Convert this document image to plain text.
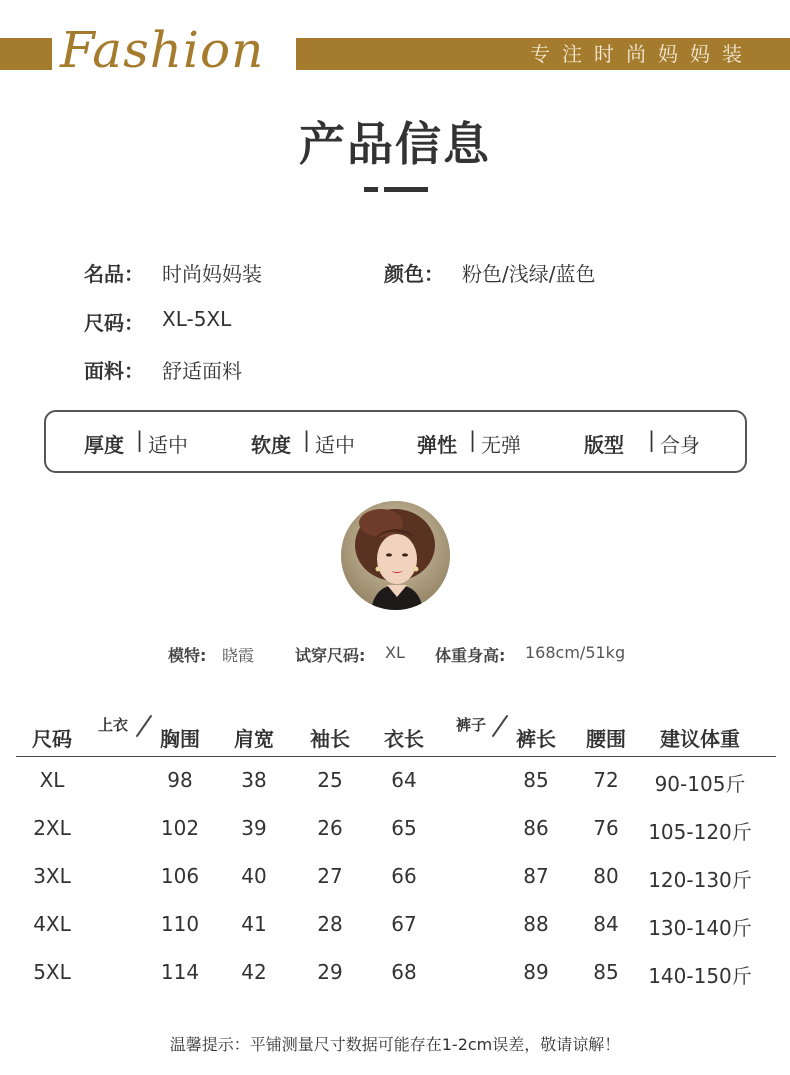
Fashion	专注时尚妈妈装
产品信息
名品： 时尚妈妈装	颜色： 粉色/浅绿/蓝色
尺码： XL-5XL
面料： 舒适面料
厚度 | 适中	软度 | 适中	弹性 | 无弹	版型 | 合身
模特: 晓霞	试穿尺码: XL 体重身高: 168cm/51kg
尺码
上衣
胸围	肩宽	袖长	衣长
裤子
裤长	腰围	建议体重
XL	98	38	25	64	85	72	90-105斤
2XL	102	39	26	65	86	76	105-120斤
3XL	106	40	27	66	87	80	120-130斤
4XL	110	41	28	67	88	84	130-140斤
5XL	114	42	29	68	89	85	140-150斤
温馨提示：平铺测量尺寸数据可能存在1-2cm误差，敬请谅解！
